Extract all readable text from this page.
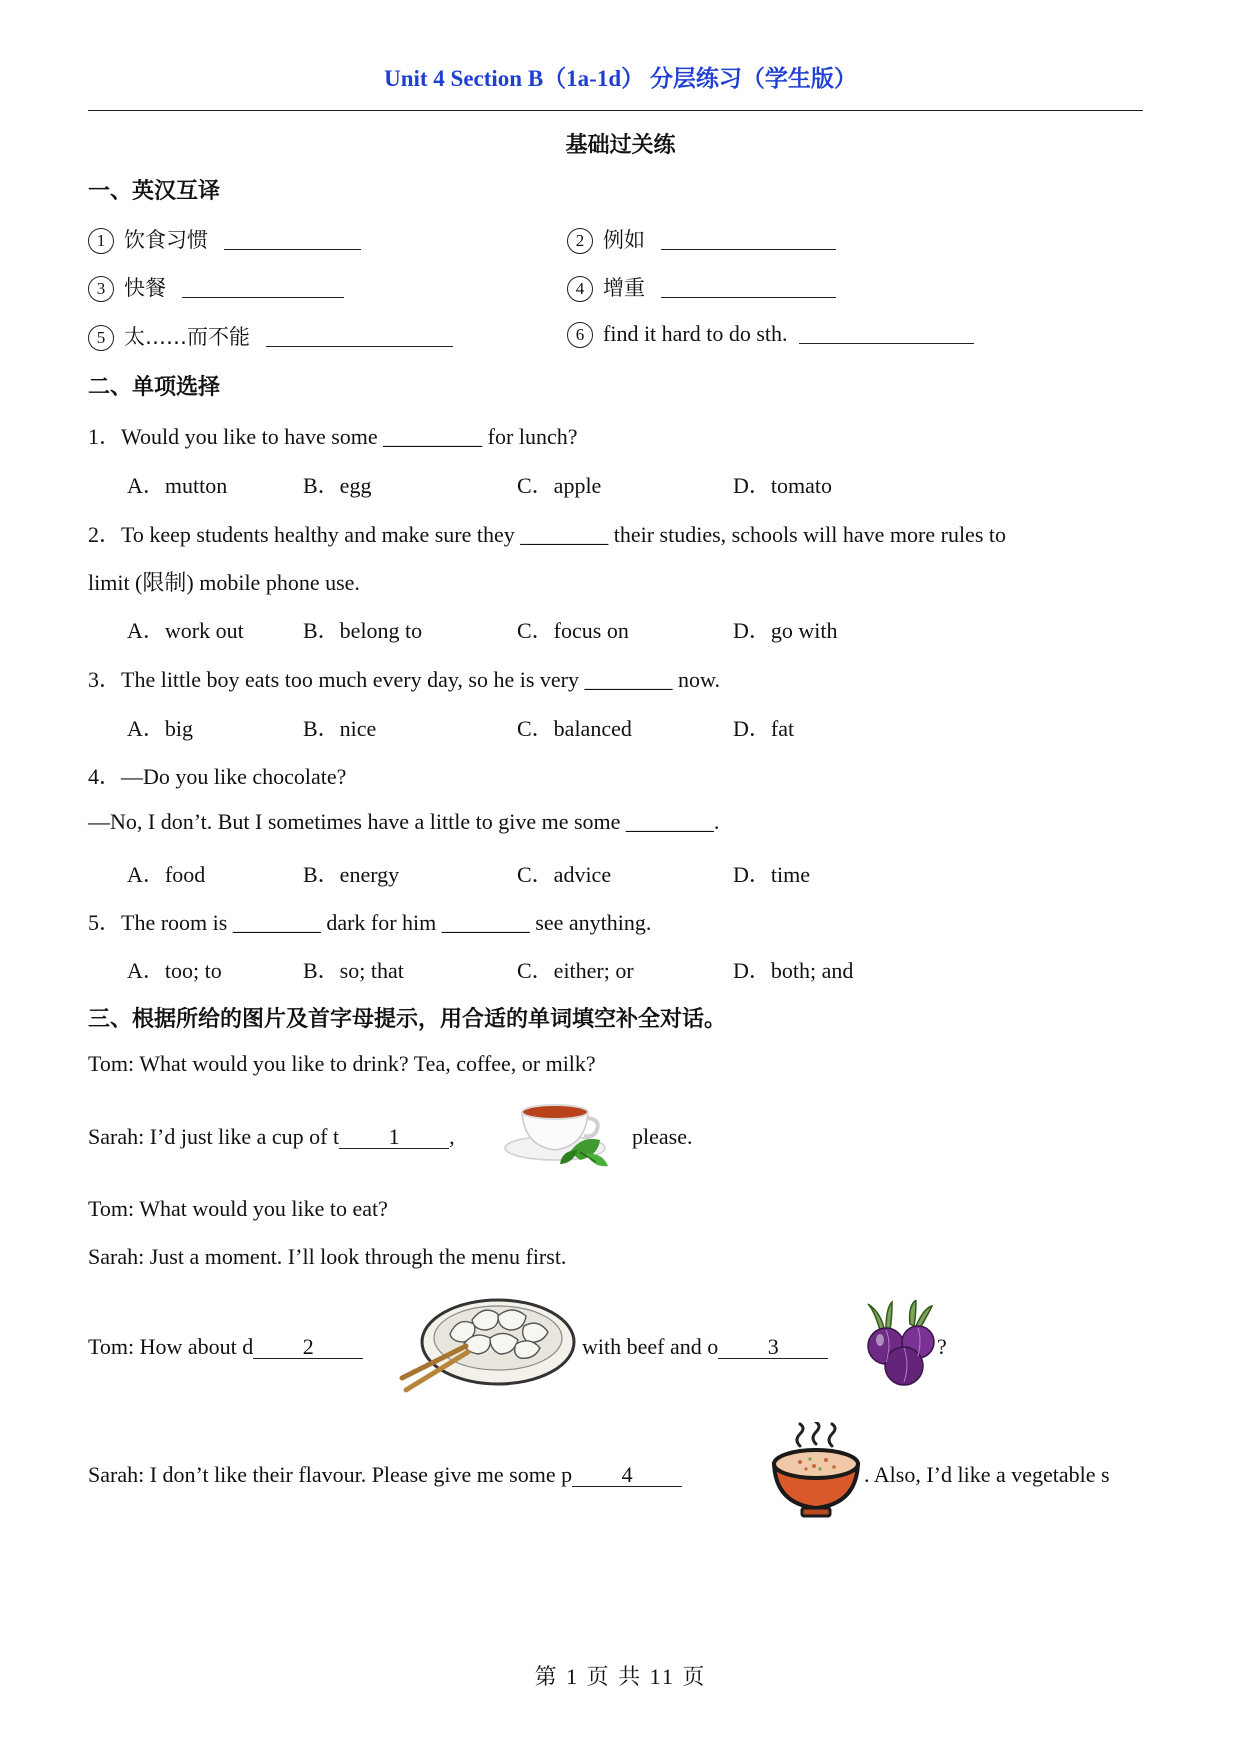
Unit 4 Section B（1a-1d） 分层练习（学生版）
基础过关练
一、英汉互译
1 饮食习惯	2 例如
3 快餐	4 增重
5 太……而不能	6 find it hard to do sth.
二、单项选择
1．Would you like to have some _________ for lunch?
A．mutton	B．egg	C．apple	D．tomato
2．To keep students healthy and make sure they ________ their studies, schools will have more rules to
limit (限制) mobile phone use.
A．work out	B．belong to	C．focus on	D．go with
3．The little boy eats too much every day, so he is very ________ now.
A．big	B．nice	C．balanced	D．fat
4．—Do you like chocolate?
—No, I don’t. But I sometimes have a little to give me some ________.
A．food	B．energy	C．advice	D．time
5．The room is ________ dark for him ________ see anything.
A．too; to	B．so; that	C．either; or	D．both; and
三、根据所给的图片及首字母提示，用合适的单词填空补全对话。
Tom: What would you like to drink? Tea, coffee, or milk?
Sarah: I’d just like a cup of t 1 ,	please.
Tom: What would you like to eat?
Sarah: Just a moment. I’ll look through the menu first.
Tom: How about d 2	with beef and o 3	?
Sarah: I don’t like their flavour. Please give me some p 4	. Also, I’d like a vegetable s
第 1 页 共 11 页
